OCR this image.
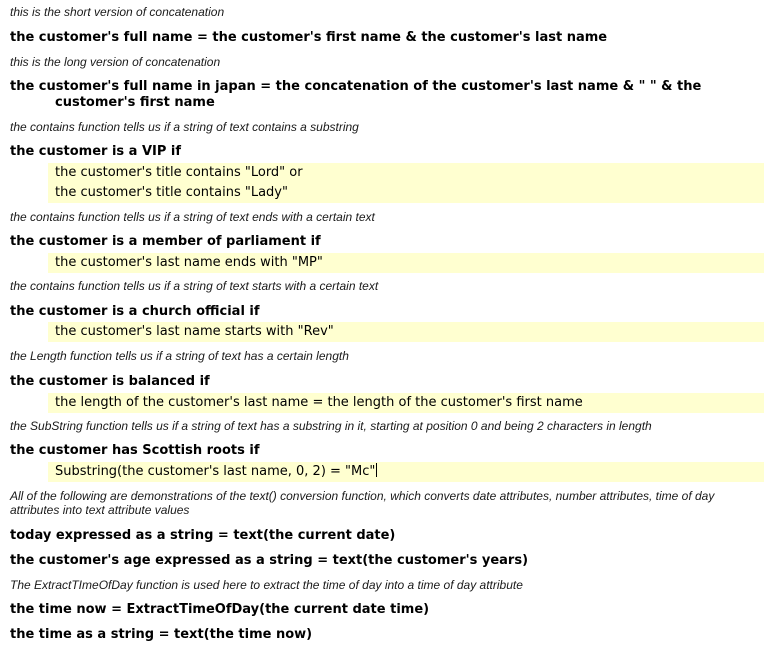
this is the short version of concatenation
the customer's full name = the customer's first name & the customer's last name
this is the long version of concatenation
the customer's full name in japan = the concatenation of the customer's last name & " " & the
customer's first name
the contains function tells us if a string of text contains a substring
the customer is a VIP if
the customer's title contains "Lord" or
the customer's title contains "Lady"
the contains function tells us if a string of text ends with a certain text
the customer is a member of parliament if
the customer's last name ends with "MP"
the contains function tells us if a string of text starts with a certain text
the customer is a church official if
the customer's last name starts with "Rev"
the Length function tells us if a string of text has a certain length
the customer is balanced if
the length of the customer's last name = the length of the customer's first name
the SubString function tells us if a string of text has a substring in it, starting at position 0 and being 2 characters in length
the customer has Scottish roots if
Substring(the customer's last name, 0, 2) = "Mc"
All of the following are demonstrations of the text() conversion function, which converts date attributes, number attributes, time of day attributes into text attribute values
today expressed as a string = text(the current date)
the customer's age expressed as a string = text(the customer's years)
The ExtractTImeOfDay function is used here to extract the time of day into a time of day attribute
the time now = ExtractTimeOfDay(the current date time)
the time as a string = text(the time now)
